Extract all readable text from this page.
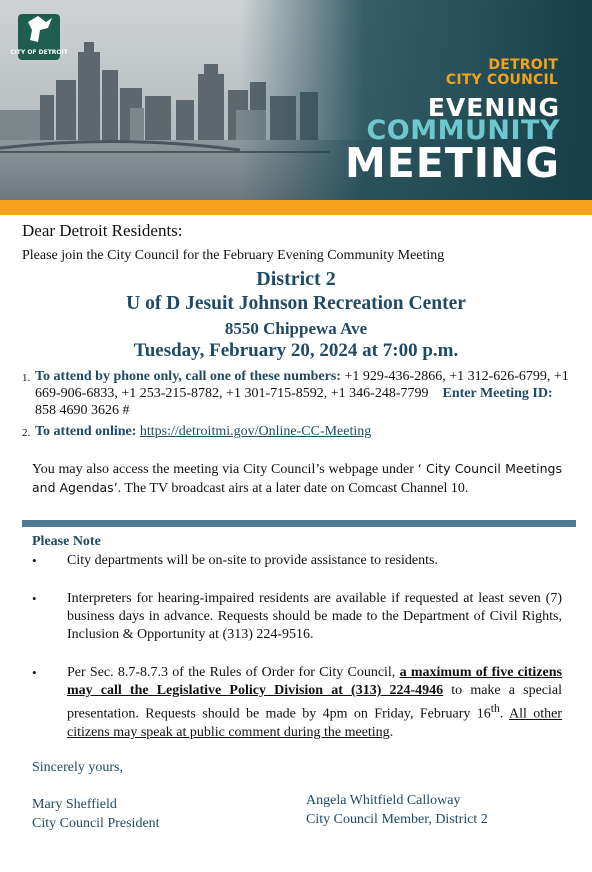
CITY OF DETROIT
DETROIT
CITY COUNCIL
EVENING
COMMUNITY
MEETING
Dear Detroit Residents:
Please join the City Council for the February Evening Community Meeting
District 2
U of D Jesuit Johnson Recreation Center
8550 Chippewa Ave
Tuesday, February 20, 2024 at 7:00 p.m.
1. To attend by phone only, call one of these numbers: +1 929-436-2866, +1 312-626-6799, +1 669-906-6833, +1 253-215-8782, +1 301-715-8592, +1 346-248-7799 Enter Meeting ID: 858 4690 3626 #
2. To attend online: https://detroitmi.gov/Online-CC-Meeting
You may also access the meeting via City Council’s webpage under ‘ City Council Meetings and Agendas’. The TV broadcast airs at a later date on Comcast Channel 10.
Please Note
•	City departments will be on-site to provide assistance to residents.
•	Interpreters for hearing-impaired residents are available if requested at least seven (7) business days in advance. Requests should be made to the Department of Civil Rights, Inclusion & Opportunity at (313) 224-9516.
•	Per Sec. 8.7-8.7.3 of the Rules of Order for City Council, a maximum of five citizens may call the Legislative Policy Division at (313) 224-4946 to make a special presentation. Requests should be made by 4pm on Friday, February 16th. All other citizens may speak at public comment during the meeting.
Sincerely yours,
Mary Sheffield
City Council President
Angela Whitfield Calloway
City Council Member, District 2
